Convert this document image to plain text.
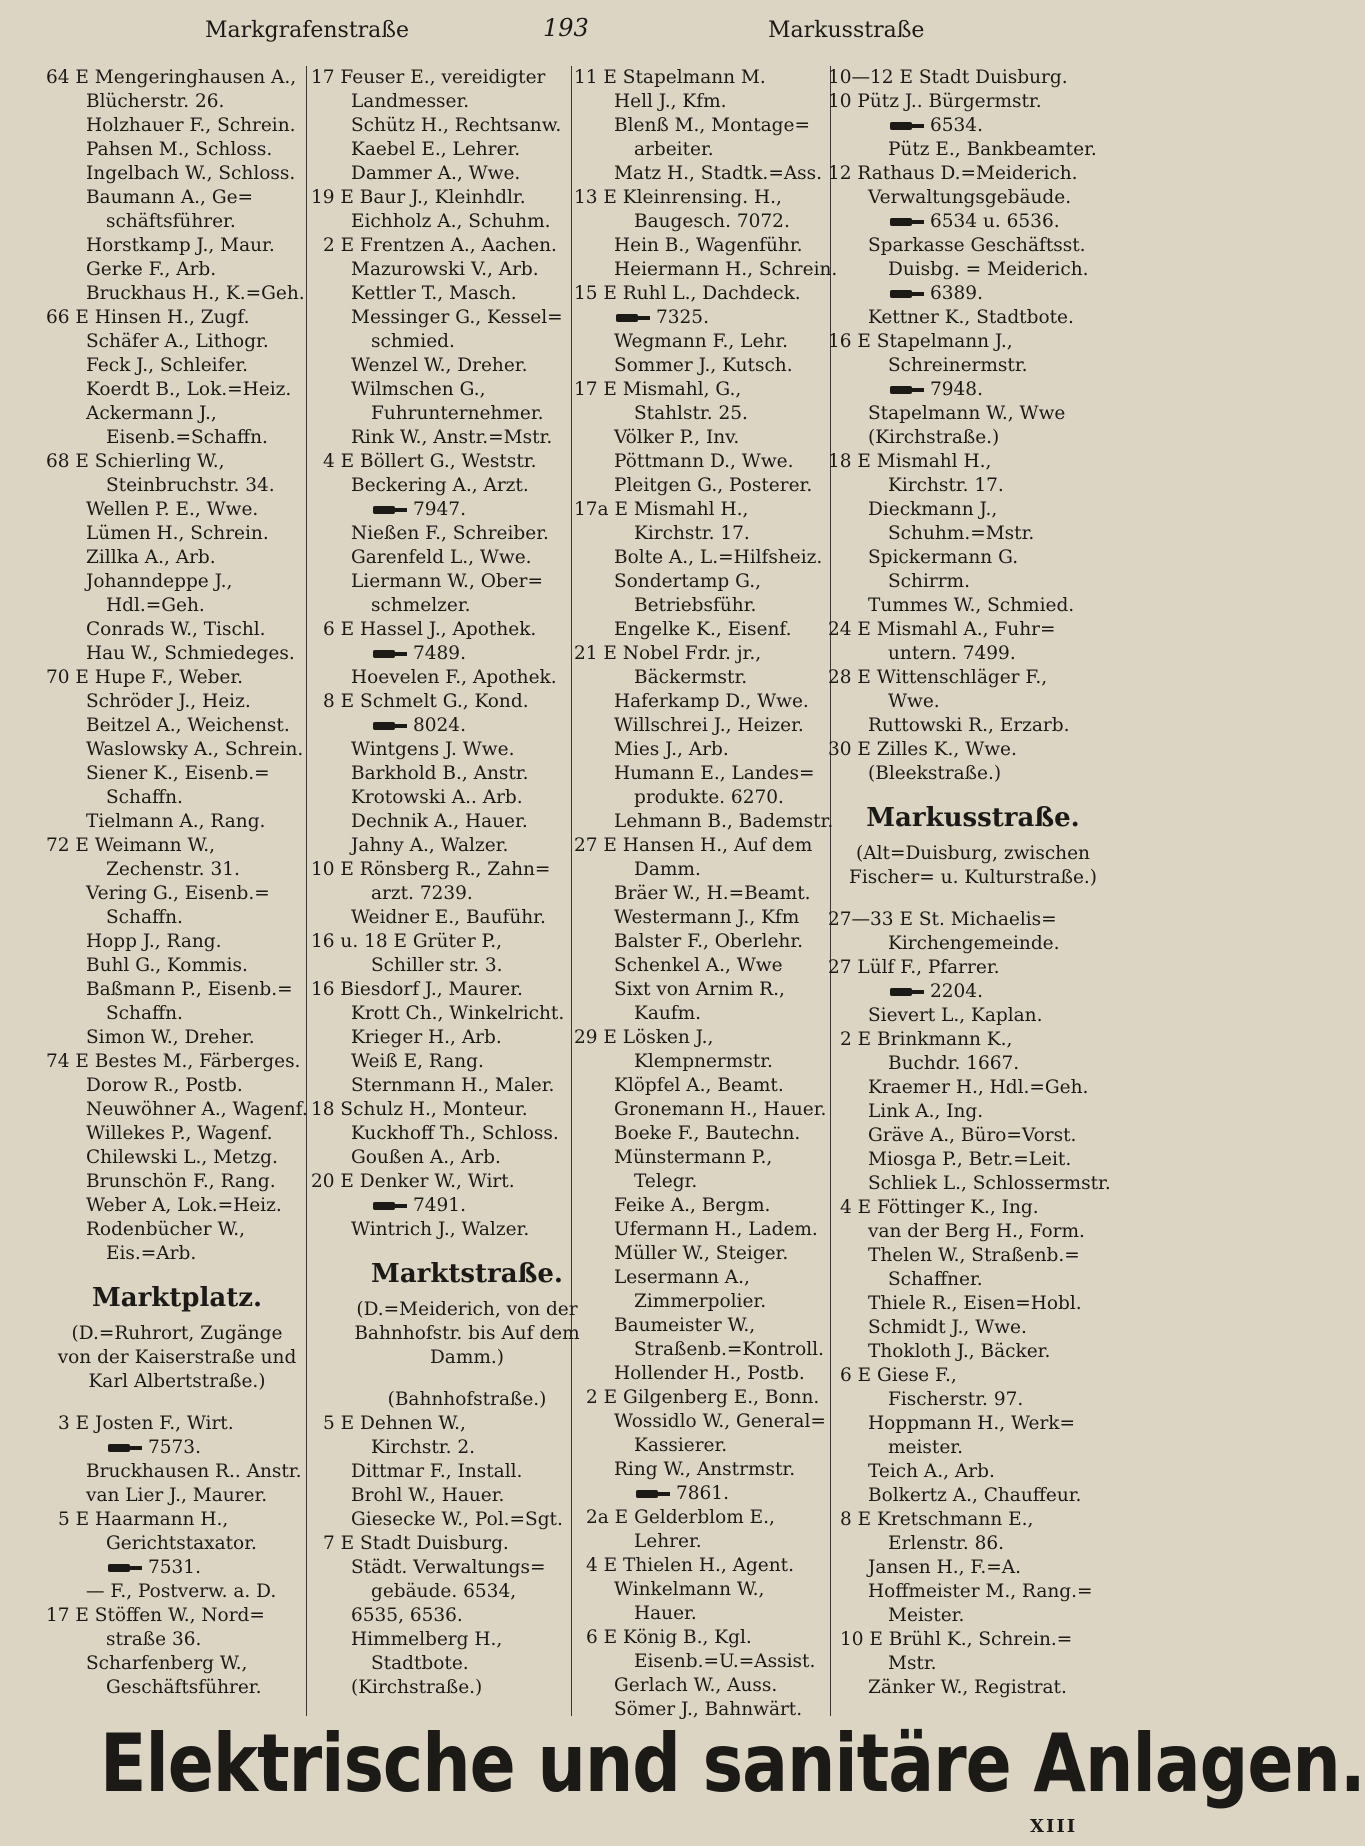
Markgrafenstraße	193	Markusstraße
64 E Mengeringhausen A.,
Blücherstr. 26.
Holzhauer F., Schrein.
Pahsen M., Schloss.
Ingelbach W., Schloss.
Baumann A., Ge=
schäftsführer.
Horstkamp J., Maur.
Gerke F., Arb.
Bruckhaus H., K.=Geh.
66 E Hinsen H., Zugf.
Schäfer A., Lithogr.
Feck J., Schleifer.
Koerdt B., Lok.=Heiz.
Ackermann J.,
Eisenb.=Schaffn.
68 E Schierling W.,
Steinbruchstr. 34.
Wellen P. E., Wwe.
Lümen H., Schrein.
Zillka A., Arb.
Johanndeppe J.,
Hdl.=Geh.
Conrads W., Tischl.
Hau W., Schmiedeges.
70 E Hupe F., Weber.
Schröder J., Heiz.
Beitzel A., Weichenst.
Waslowsky A., Schrein.
Siener K., Eisenb.=
Schaffn.
Tielmann A., Rang.
72 E Weimann W.,
Zechenstr. 31.
Vering G., Eisenb.=
Schaffn.
Hopp J., Rang.
Buhl G., Kommis.
Baßmann P., Eisenb.=
Schaffn.
Simon W., Dreher.
74 E Bestes M., Färberges.
Dorow R., Postb.
Neuwöhner A., Wagenf.
Willekes P., Wagenf.
Chilewski L., Metzg.
Brunschön F., Rang.
Weber A, Lok.=Heiz.
Rodenbücher W.,
Eis.=Arb.
Marktplatz.
(D.=Ruhrort, Zugänge
von der Kaiserstraße und
Karl Albertstraße.)
3 E Josten F., Wirt.
7573.
Bruckhausen R.. Anstr.
van Lier J., Maurer.
5 E Haarmann H.,
Gerichtstaxator.
7531.
— F., Postverw. a. D.
17 E Stöffen W., Nord=
straße 36.
Scharfenberg W.,
Geschäftsführer.
17 Feuser E., vereidigter
Landmesser.
Schütz H., Rechtsanw.
Kaebel E., Lehrer.
Dammer A., Wwe.
19 E Baur J., Kleinhdlr.
Eichholz A., Schuhm.
2 E Frentzen A., Aachen.
Mazurowski V., Arb.
Kettler T., Masch.
Messinger G., Kessel=
schmied.
Wenzel W., Dreher.
Wilmschen G.,
Fuhrunternehmer.
Rink W., Anstr.=Mstr.
4 E Böllert G., Weststr.
Beckering A., Arzt.
7947.
Nießen F., Schreiber.
Garenfeld L., Wwe.
Liermann W., Ober=
schmelzer.
6 E Hassel J., Apothek.
7489.
Hoevelen F., Apothek.
8 E Schmelt G., Kond.
8024.
Wintgens J. Wwe.
Barkhold B., Anstr.
Krotowski A.. Arb.
Dechnik A., Hauer.
Jahny A., Walzer.
10 E Rönsberg R., Zahn=
arzt. 7239.
Weidner E., Bauführ.
16 u. 18 E Grüter P.,
Schiller str. 3.
16 Biesdorf J., Maurer.
Krott Ch., Winkelricht.
Krieger H., Arb.
Weiß E, Rang.
Sternmann H., Maler.
18 Schulz H., Monteur.
Kuckhoff Th., Schloss.
Goußen A., Arb.
20 E Denker W., Wirt.
7491.
Wintrich J., Walzer.
Marktstraße.
(D.=Meiderich, von der
Bahnhofstr. bis Auf dem
Damm.)
(Bahnhofstraße.)
5 E Dehnen W.,
Kirchstr. 2.
Dittmar F., Install.
Brohl W., Hauer.
Giesecke W., Pol.=Sgt.
7 E Stadt Duisburg.
Städt. Verwaltungs=
gebäude. 6534,
6535, 6536.
Himmelberg H.,
Stadtbote.
(Kirchstraße.)
11 E Stapelmann M.
Hell J., Kfm.
Blenß M., Montage=
arbeiter.
Matz H., Stadtk.=Ass.
13 E Kleinrensing. H.,
Baugesch. 7072.
Hein B., Wagenführ.
Heiermann H., Schrein.
15 E Ruhl L., Dachdeck.
7325.
Wegmann F., Lehr.
Sommer J., Kutsch.
17 E Mismahl, G.,
Stahlstr. 25.
Völker P., Inv.
Pöttmann D., Wwe.
Pleitgen G., Posterer.
17a E Mismahl H.,
Kirchstr. 17.
Bolte A., L.=Hilfsheiz.
Sondertamp G.,
Betriebsführ.
Engelke K., Eisenf.
21 E Nobel Frdr. jr.,
Bäckermstr.
Haferkamp D., Wwe.
Willschrei J., Heizer.
Mies J., Arb.
Humann E., Landes=
produkte. 6270.
Lehmann B., Bademstr.
27 E Hansen H., Auf dem
Damm.
Bräer W., H.=Beamt.
Westermann J., Kfm
Balster F., Oberlehr.
Schenkel A., Wwe
Sixt von Arnim R.,
Kaufm.
29 E Lösken J.,
Klempnermstr.
Klöpfel A., Beamt.
Gronemann H., Hauer.
Boeke F., Bautechn.
Münstermann P.,
Telegr.
Feike A., Bergm.
Ufermann H., Ladem.
Müller W., Steiger.
Lesermann A.,
Zimmerpolier.
Baumeister W.,
Straßenb.=Kontroll.
Hollender H., Postb.
2 E Gilgenberg E., Bonn.
Wossidlo W., General=
Kassierer.
Ring W., Anstrmstr.
7861.
2a E Gelderblom E.,
Lehrer.
4 E Thielen H., Agent.
Winkelmann W.,
Hauer.
6 E König B., Kgl.
Eisenb.=U.=Assist.
Gerlach W., Auss.
Sömer J., Bahnwärt.
10—12 E Stadt Duisburg.
10 Pütz J.. Bürgermstr.
6534.
Pütz E., Bankbeamter.
12 Rathaus D.=Meiderich.
Verwaltungsgebäude.
6534 u. 6536.
Sparkasse Geschäftsst.
Duisbg. = Meiderich.
6389.
Kettner K., Stadtbote.
16 E Stapelmann J.,
Schreinermstr.
7948.
Stapelmann W., Wwe
(Kirchstraße.)
18 E Mismahl H.,
Kirchstr. 17.
Dieckmann J.,
Schuhm.=Mstr.
Spickermann G.
Schirrm.
Tummes W., Schmied.
24 E Mismahl A., Fuhr=
untern. 7499.
28 E Wittenschläger F.,
Wwe.
Ruttowski R., Erzarb.
30 E Zilles K., Wwe.
(Bleekstraße.)
Markusstraße.
(Alt=Duisburg, zwischen
Fischer= u. Kulturstraße.)
27—33 E St. Michaelis=
Kirchengemeinde.
27 Lülf F., Pfarrer.
2204.
Sievert L., Kaplan.
2 E Brinkmann K.,
Buchdr. 1667.
Kraemer H., Hdl.=Geh.
Link A., Ing.
Gräve A., Büro=Vorst.
Miosga P., Betr.=Leit.
Schliek L., Schlossermstr.
4 E Föttinger K., Ing.
van der Berg H., Form.
Thelen W., Straßenb.=
Schaffner.
Thiele R., Eisen=Hobl.
Schmidt J., Wwe.
Thokloth J., Bäcker.
6 E Giese F.,
Fischerstr. 97.
Hoppmann H., Werk=
meister.
Teich A., Arb.
Bolkertz A., Chauffeur.
8 E Kretschmann E.,
Erlenstr. 86.
Jansen H., F.=A.
Hoffmeister M., Rang.=
Meister.
10 E Brühl K., Schrein.=
Mstr.
Zänker W., Registrat.
Elektrische und sanitäre Anlagen.
XIII
